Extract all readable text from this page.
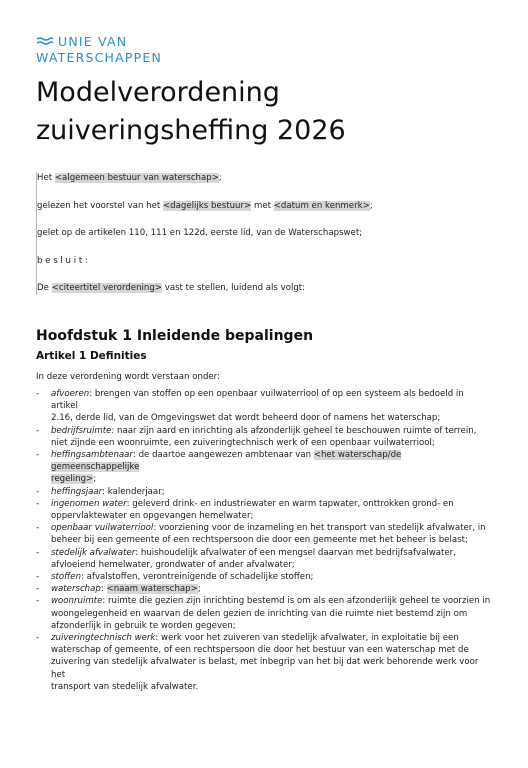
UNIE VAN
WATERSCHAPPEN
Modelverordening zuiveringsheffing 2026

Het <algemeen bestuur van waterschap>;

gelezen het voorstel van het <dagelijks bestuur> met <datum en kenmerk>;

gelet op de artikelen 110, 111 en 122d, eerste lid, van de Waterschapswet;

b e s l u i t :

De <citeertitel verordening> vast te stellen, luidend als volgt:

Hoofdstuk 1 Inleidende bepalingen
Artikel 1 Definities
In deze verordening wordt verstaan onder:
- afvoeren: brengen van stoffen op een openbaar vuilwaterriool of op een systeem als bedoeld in artikel
2.16, derde lid, van de Omgevingswet dat wordt beheerd door of namens het waterschap;
- bedrijfsruimte: naar zijn aard en inrichting als afzonderlijk geheel te beschouwen ruimte of terrein,
niet zijnde een woonruimte, een zuiveringtechnisch werk of een openbaar vuilwaterriool;
- heffingsambtenaar: de daartoe aangewezen ambtenaar van <het waterschap/de gemeenschappelijke
regeling>;
- heffingsjaar: kalenderjaar;
- ingenomen water: geleverd drink- en industriewater en warm tapwater, onttrokken grond- en
oppervlaktewater en opgevangen hemelwater;
- openbaar vuilwaterriool: voorziening voor de inzameling en het transport van stedelijk afvalwater, in
beheer bij een gemeente of een rechtspersoon die door een gemeente met het beheer is belast;
- stedelijk afvalwater: huishoudelijk afvalwater of een mengsel daarvan met bedrijfsafvalwater,
afvloeiend hemelwater, grondwater of ander afvalwater;
- stoffen: afvalstoffen, verontreinigende of schadelijke stoffen;
- waterschap: <naam waterschap>;
- woonruimte: ruimte die gezien zijn inrichting bestemd is om als een afzonderlijk geheel te voorzien in
woongelegenheid en waarvan de delen gezien de inrichting van die ruimte niet bestemd zijn om
afzonderlijk in gebruik te worden gegeven;
- zuiveringtechnisch werk: werk voor het zuiveren van stedelijk afvalwater, in exploitatie bij een
waterschap of gemeente, of een rechtspersoon die door het bestuur van een waterschap met de
zuivering van stedelijk afvalwater is belast, met inbegrip van het bij dat werk behorende werk voor het
transport van stedelijk afvalwater.
